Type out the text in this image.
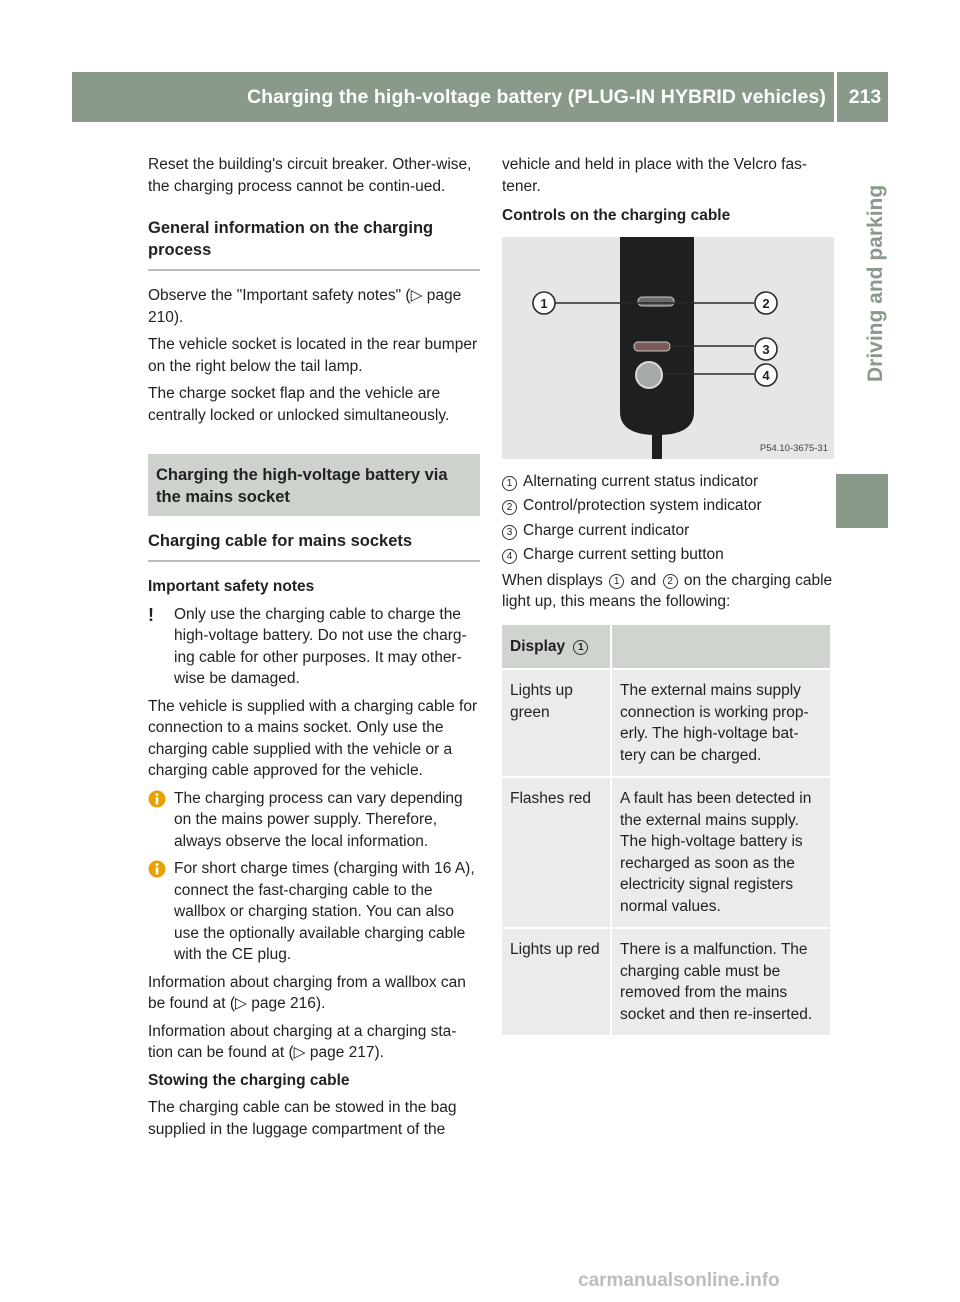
Charging the high-voltage battery (PLUG-IN HYBRID vehicles)	213
Driving and parking

Reset the building's circuit breaker. Other-wise, the charging process cannot be contin-ued.

General information on the charging process

Observe the "Important safety notes" (▷ page 210).

The vehicle socket is located in the rear bumper on the right below the tail lamp.

The charge socket flap and the vehicle are centrally locked or unlocked simultaneously.

Charging the high-voltage battery via the mains socket
Charging cable for mains sockets
Important safety notes
! Only use the charging cable to charge the high-voltage battery. Do not use the charg-ing cable for other purposes. It may other-wise be damaged.

The vehicle is supplied with a charging cable for connection to a mains socket. Only use the charging cable supplied with the vehicle or a charging cable approved for the vehicle.

The charging process can vary depending on the mains power supply. Therefore, always observe the local information.
For short charge times (charging with 16 A), connect the fast-charging cable to the wallbox or charging station. You can also use the optionally available charging cable with the CE plug.

Information about charging from a wallbox can be found at (▷ page 216).

Information about charging at a charging sta-tion can be found at (▷ page 217).

Stowing the charging cable

The charging cable can be stowed in the bag supplied in the luggage compartment of the

vehicle and held in place with the Velcro fas-tener.

Controls on the charging cable
1	2
3
4
P54.10-3675-31
1 Alternating current status indicator
2 Control/protection system indicator
3 Charge current indicator
4 Charge current setting button

When displays 1 and 2 on the charging cable light up, this means the following:

Display 1	
Lights up green	The external mains supply connection is working prop-erly. The high-voltage bat-tery can be charged.
Flashes red	A fault has been detected in the external mains supply. The high-voltage battery is recharged as soon as the electricity signal registers normal values.
Lights up red	There is a malfunction. The charging cable must be removed from the mains socket and then re-inserted.
carmanualsonline.info
